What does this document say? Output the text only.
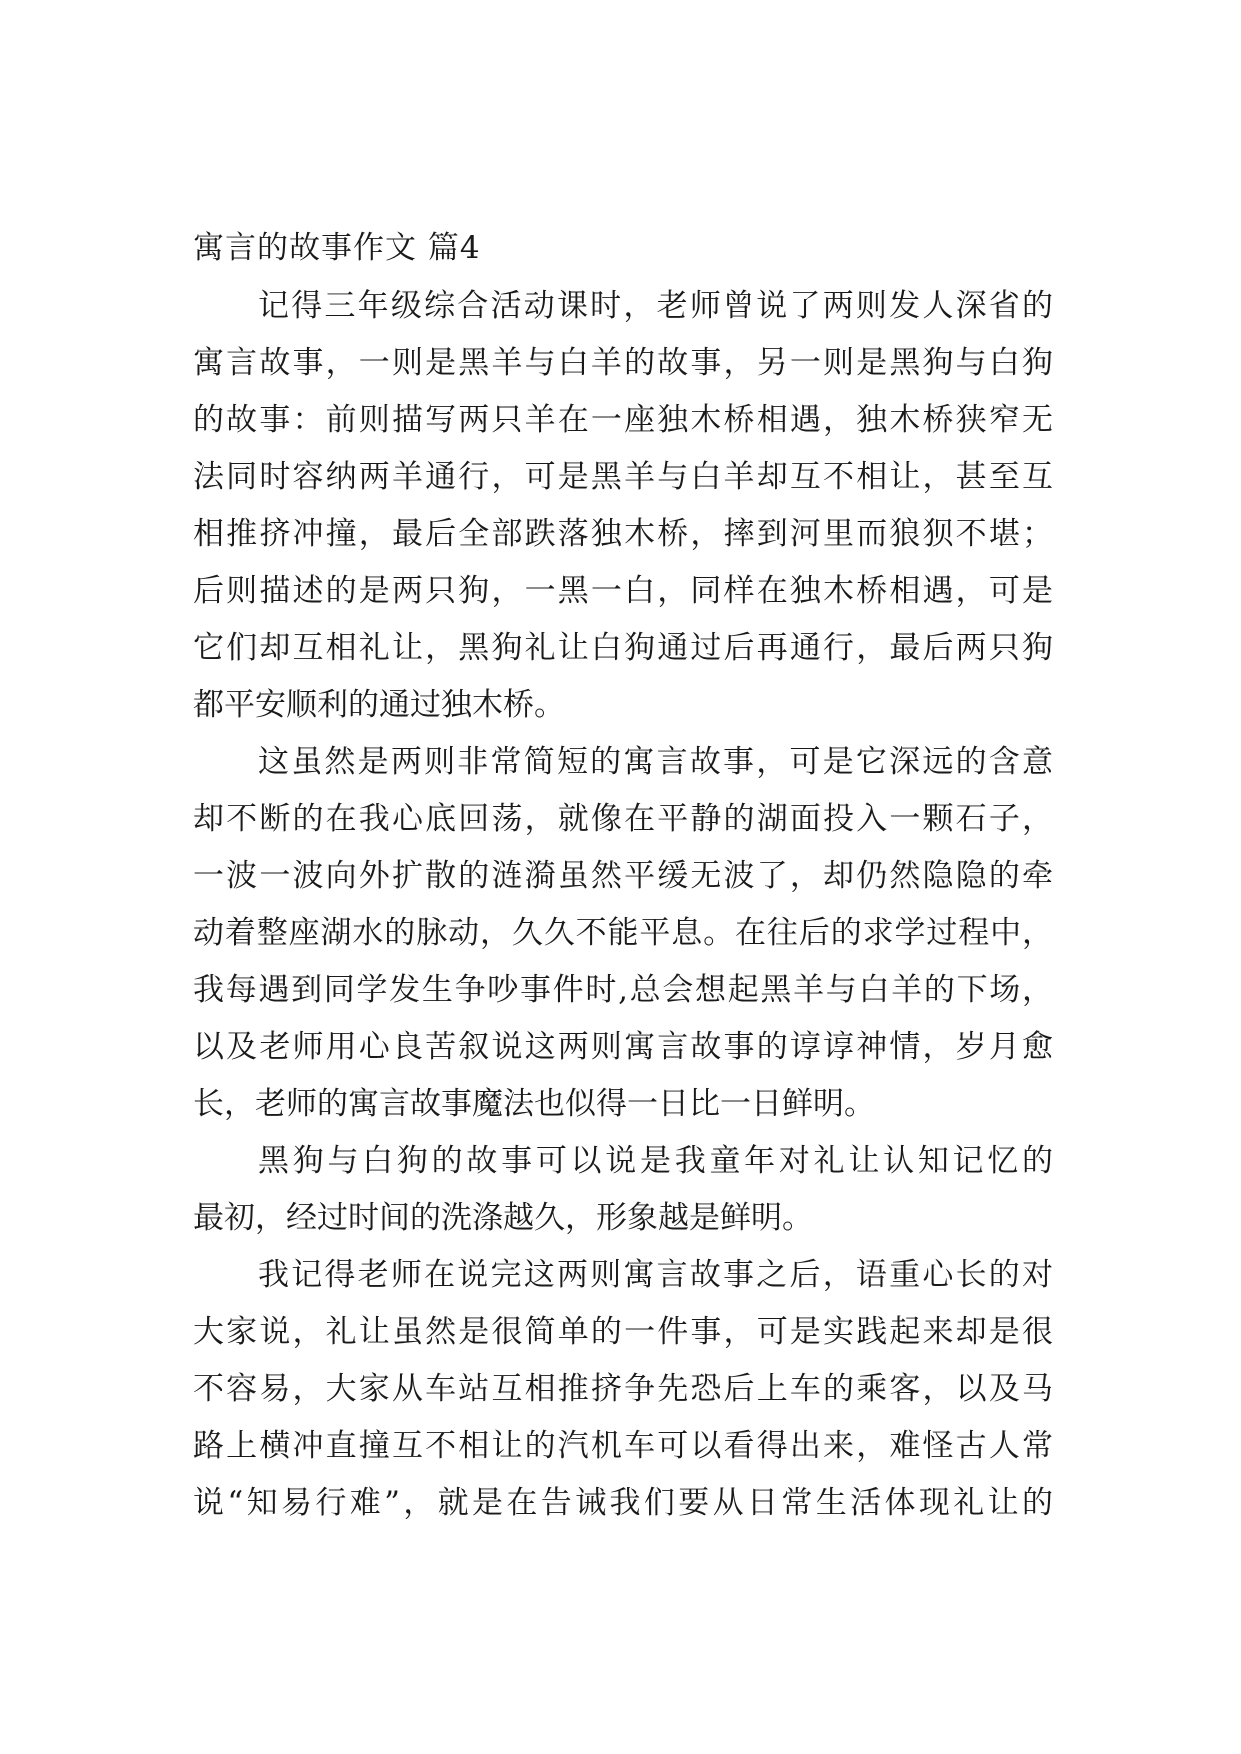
寓言的故事作文 篇4
记得三年级综合活动课时，老师曾说了两则发人深省的
寓言故事，一则是黑羊与白羊的故事，另一则是黑狗与白狗
的故事：前则描写两只羊在一座独木桥相遇，独木桥狭窄无
法同时容纳两羊通行，可是黑羊与白羊却互不相让，甚至互
相推挤冲撞，最后全部跌落独木桥，摔到河里而狼狈不堪；
后则描述的是两只狗，一黑一白，同样在独木桥相遇，可是
它们却互相礼让，黑狗礼让白狗通过后再通行，最后两只狗
都平安顺利的通过独木桥。
这虽然是两则非常简短的寓言故事，可是它深远的含意
却不断的在我心底回荡，就像在平静的湖面投入一颗石子，
一波一波向外扩散的涟漪虽然平缓无波了，却仍然隐隐的牵
动着整座湖水的脉动，久久不能平息。在往后的求学过程中，
我每遇到同学发生争吵事件时,总会想起黑羊与白羊的下场，
以及老师用心良苦叙说这两则寓言故事的谆谆神情，岁月愈
长，老师的寓言故事魔法也似得一日比一日鲜明。
黑狗与白狗的故事可以说是我童年对礼让认知记忆的
最初，经过时间的洗涤越久，形象越是鲜明。
我记得老师在说完这两则寓言故事之后，语重心长的对
大家说，礼让虽然是很简单的一件事，可是实践起来却是很
不容易，大家从车站互相推挤争先恐后上车的乘客，以及马
路上横冲直撞互不相让的汽机车可以看得出来，难怪古人常
说“知易行难”，就是在告诫我们要从日常生活体现礼让的
